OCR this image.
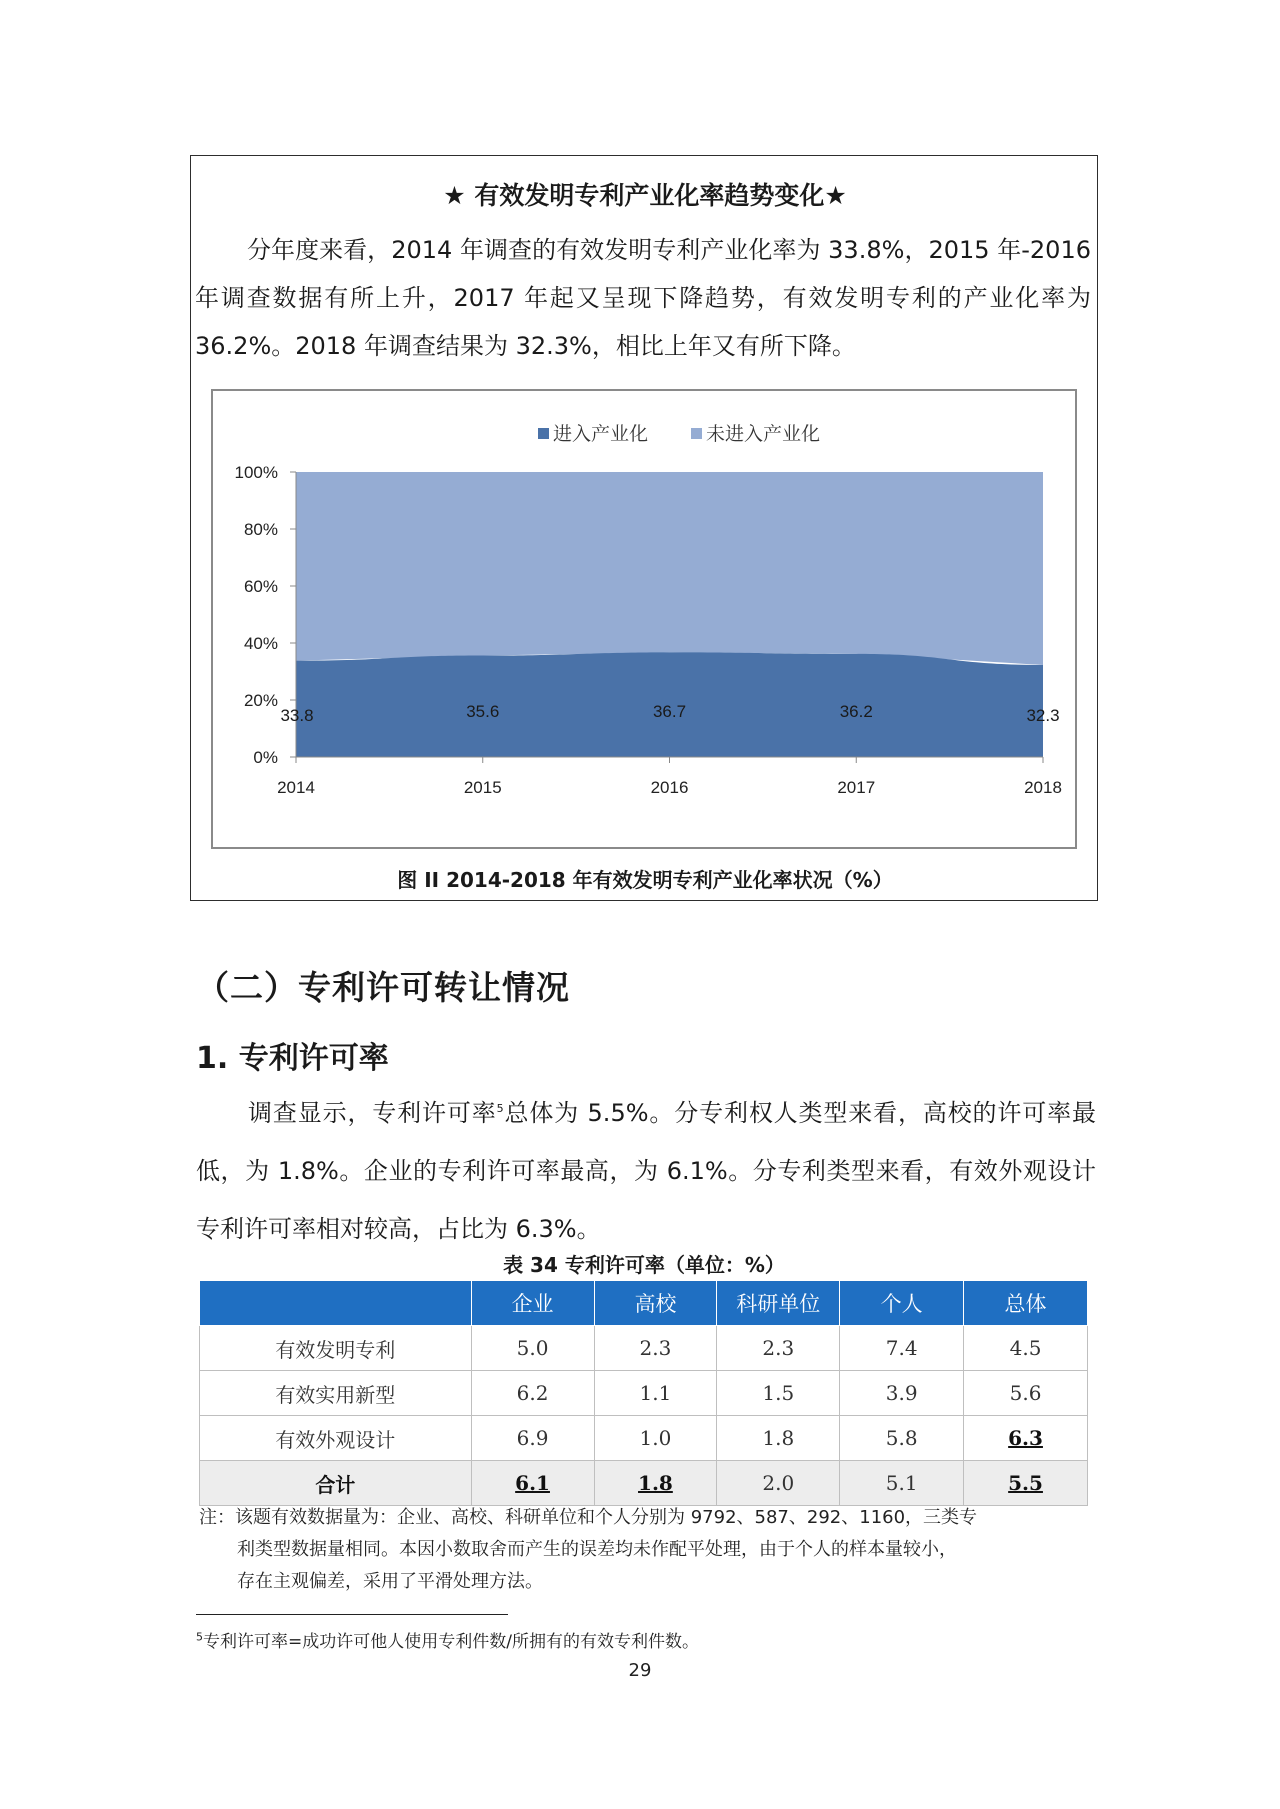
★ 有效发明专利产业化率趋势变化★

分年度来看，2014 年调查的有效发明专利产业化率为 33.8%，2015 年-2016 年调查数据有所上升，2017 年起又呈现下降趋势，有效发明专利的产业化率为 36.2%。2018 年调查结果为 32.3%，相比上年又有所下降。

0%
20%
40%
60%
80%
100%
2014
33.8
2015
35.6
2016
36.7
2017
36.2
2018
32.3
进入产业化	未进入产业化
图 II 2014-2018 年有效发明专利产业化率状况（%）
（二）专利许可转让情况
1. 专利许可率

调查显示，专利许可率$^5$总体为 5.5%。分专利权人类型来看，高校的许可率最低，为 1.8%。企业的专利许可率最高，为 6.1%。分专利类型来看，有效外观设计专利许可率相对较高，占比为 6.3%。

表 34 专利许可率（单位：%）
	企业	高校	科研单位	个人	总体
有效发明专利	5.0	2.3	2.3	7.4	4.5
有效实用新型	6.2	1.1	1.5	3.9	5.6
有效外观设计	6.9	1.0	1.8	5.8	6.3
合计	6.1	1.8	2.0	5.1	5.5
注：该题有效数据量为：企业、高校、科研单位和个人分别为 9792、587、292、1160，三类专
利类型数据量相同。本因小数取舍而产生的误差均未作配平处理，由于个人的样本量较小，
存在主观偏差，采用了平滑处理方法。
$^5$专利许可率=成功许可他人使用专利件数/所拥有的有效专利件数。
29
